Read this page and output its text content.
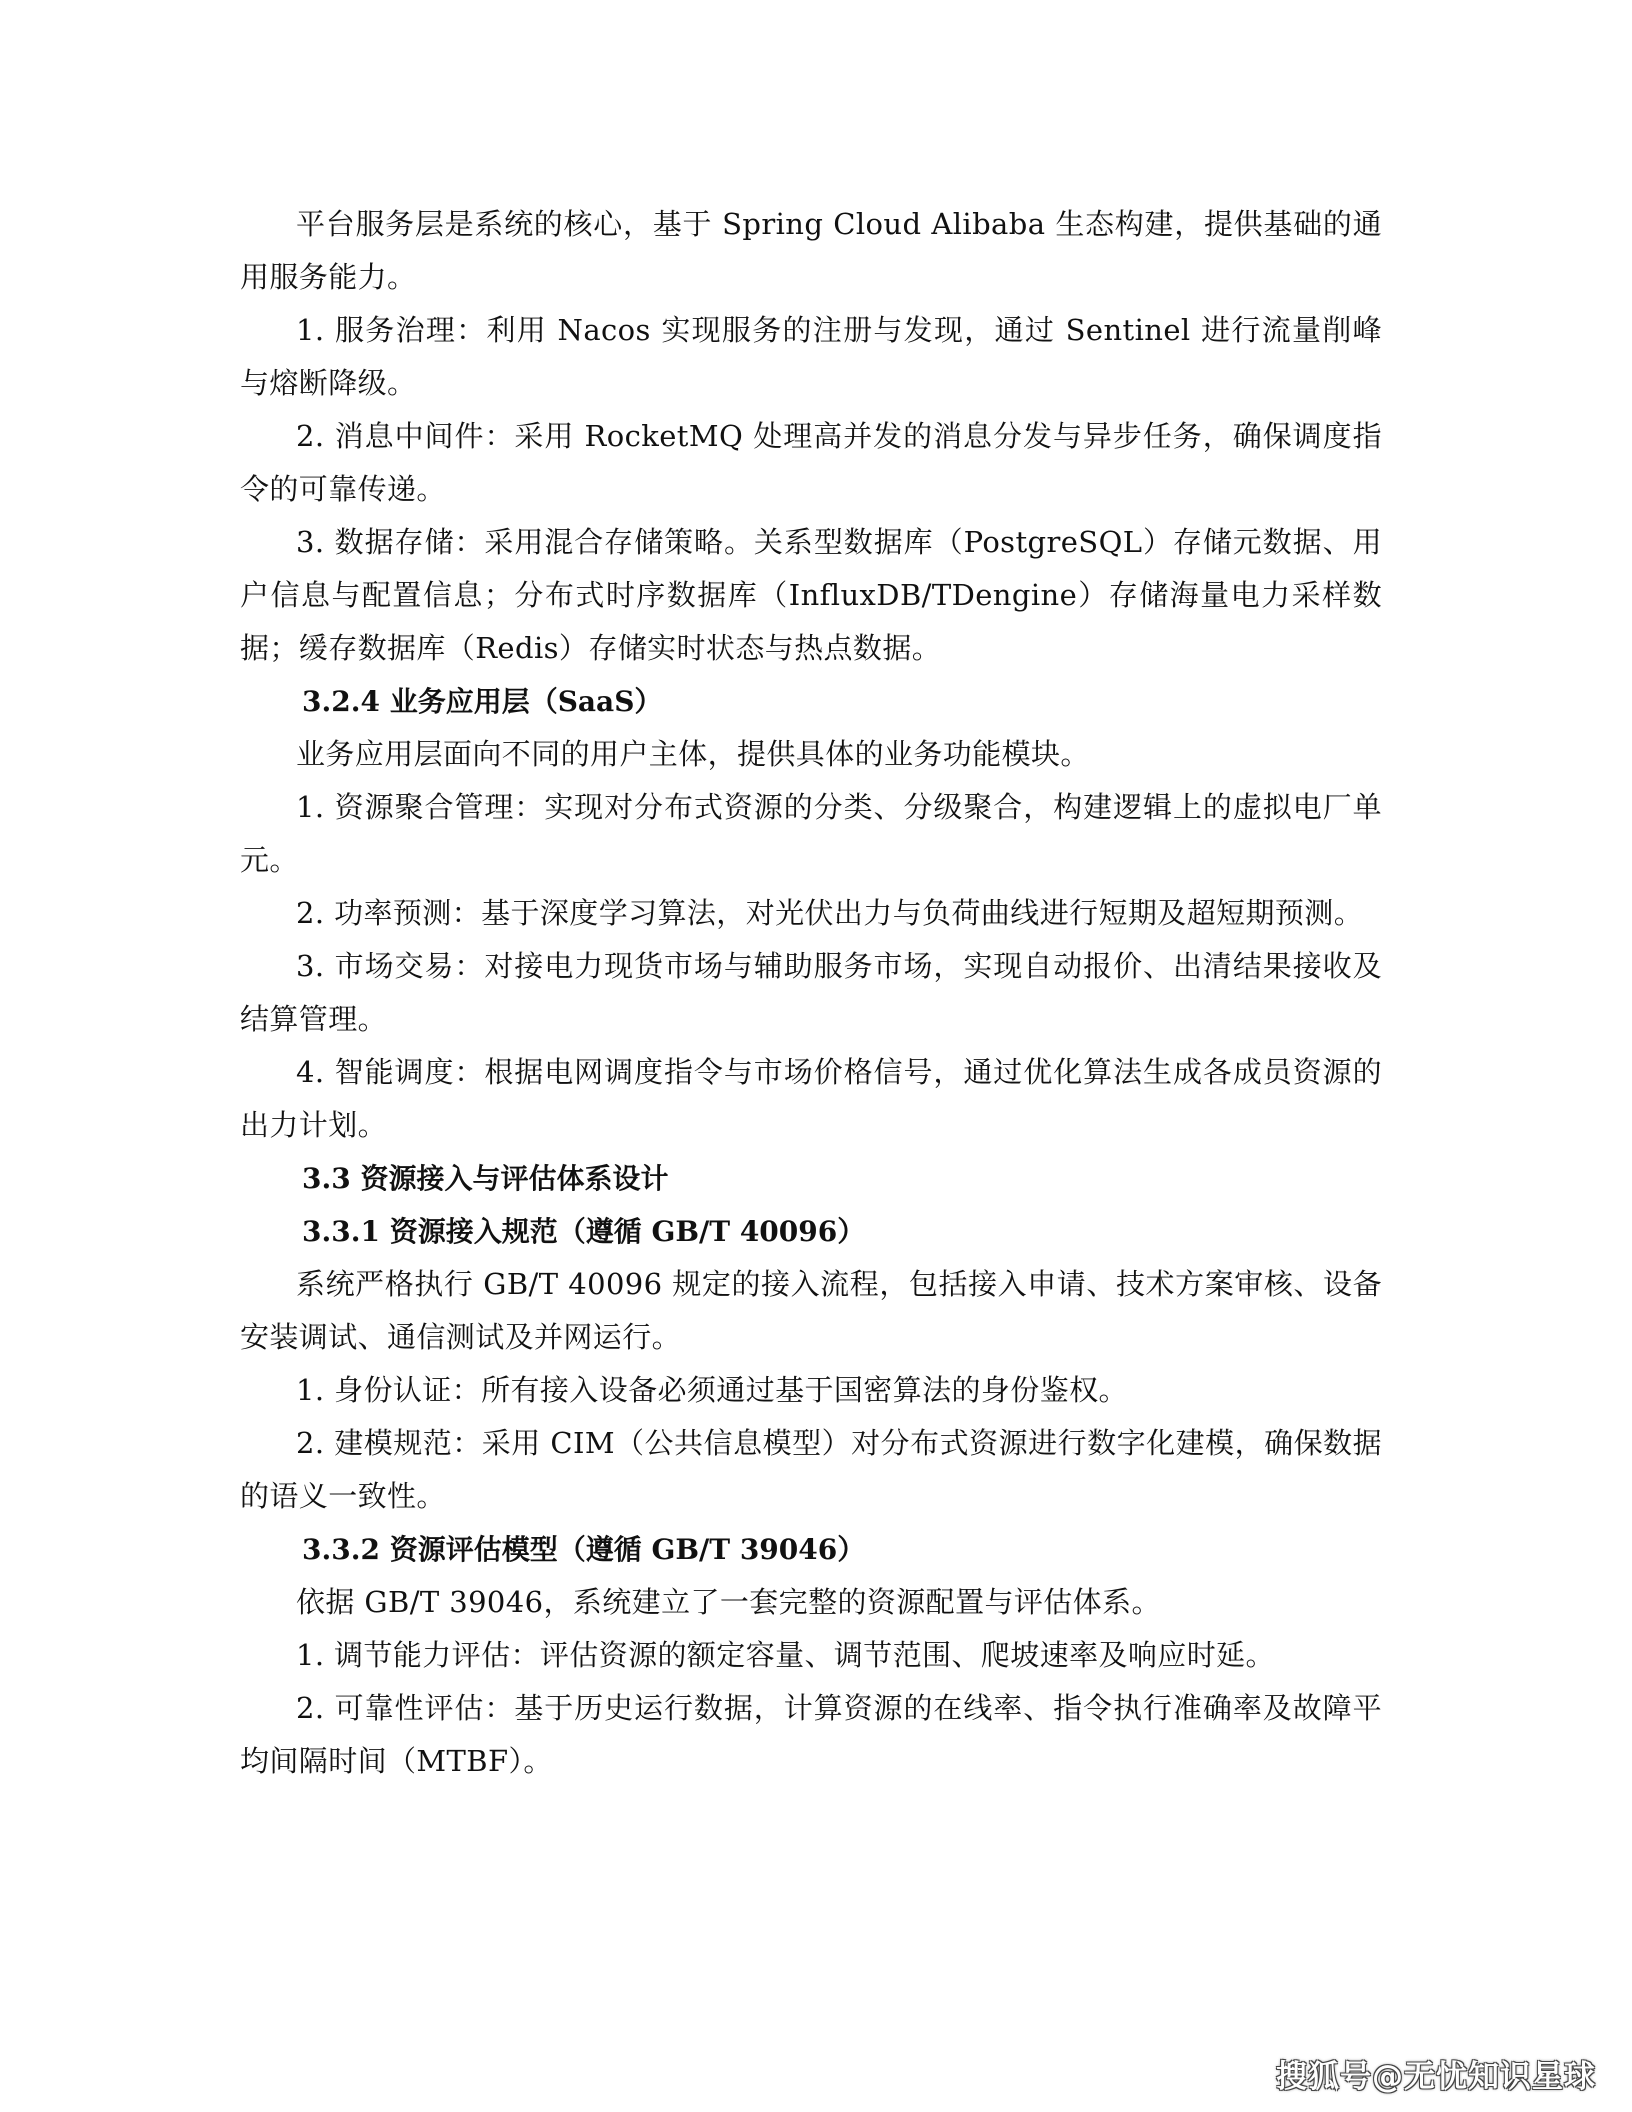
平台服务层是系统的核心，基于 Spring Cloud Alibaba 生态构建，提供基础的通用服务能力。

1. 服务治理：利用 Nacos 实现服务的注册与发现，通过 Sentinel 进行流量削峰与熔断降级。

2. 消息中间件：采用 RocketMQ 处理高并发的消息分发与异步任务，确保调度指令的可靠传递。

3. 数据存储：采用混合存储策略。关系型数据库（PostgreSQL）存储元数据、用户信息与配置信息；分布式时序数据库（InfluxDB/TDengine）存储海量电力采样数据；缓存数据库（Redis）存储实时状态与热点数据。

3.2.4 业务应用层（SaaS）

业务应用层面向不同的用户主体，提供具体的业务功能模块。

1. 资源聚合管理：实现对分布式资源的分类、分级聚合，构建逻辑上的虚拟电厂单元。

2. 功率预测：基于深度学习算法，对光伏出力与负荷曲线进行短期及超短期预测。

3. 市场交易：对接电力现货市场与辅助服务市场，实现自动报价、出清结果接收及结算管理。

4. 智能调度：根据电网调度指令与市场价格信号，通过优化算法生成各成员资源的出力计划。

3.3 资源接入与评估体系设计

3.3.1 资源接入规范（遵循 GB/T 40096）

系统严格执行 GB/T 40096 规定的接入流程，包括接入申请、技术方案审核、设备安装调试、通信测试及并网运行。

1. 身份认证：所有接入设备必须通过基于国密算法的身份鉴权。

2. 建模规范：采用 CIM（公共信息模型）对分布式资源进行数字化建模，确保数据的语义一致性。

3.3.2 资源评估模型（遵循 GB/T 39046）

依据 GB/T 39046，系统建立了一套完整的资源配置与评估体系。

1. 调节能力评估：评估资源的额定容量、调节范围、爬坡速率及响应时延。

2. 可靠性评估：基于历史运行数据，计算资源的在线率、指令执行准确率及故障平均间隔时间（MTBF）。

搜狐号@无忧知识星球
